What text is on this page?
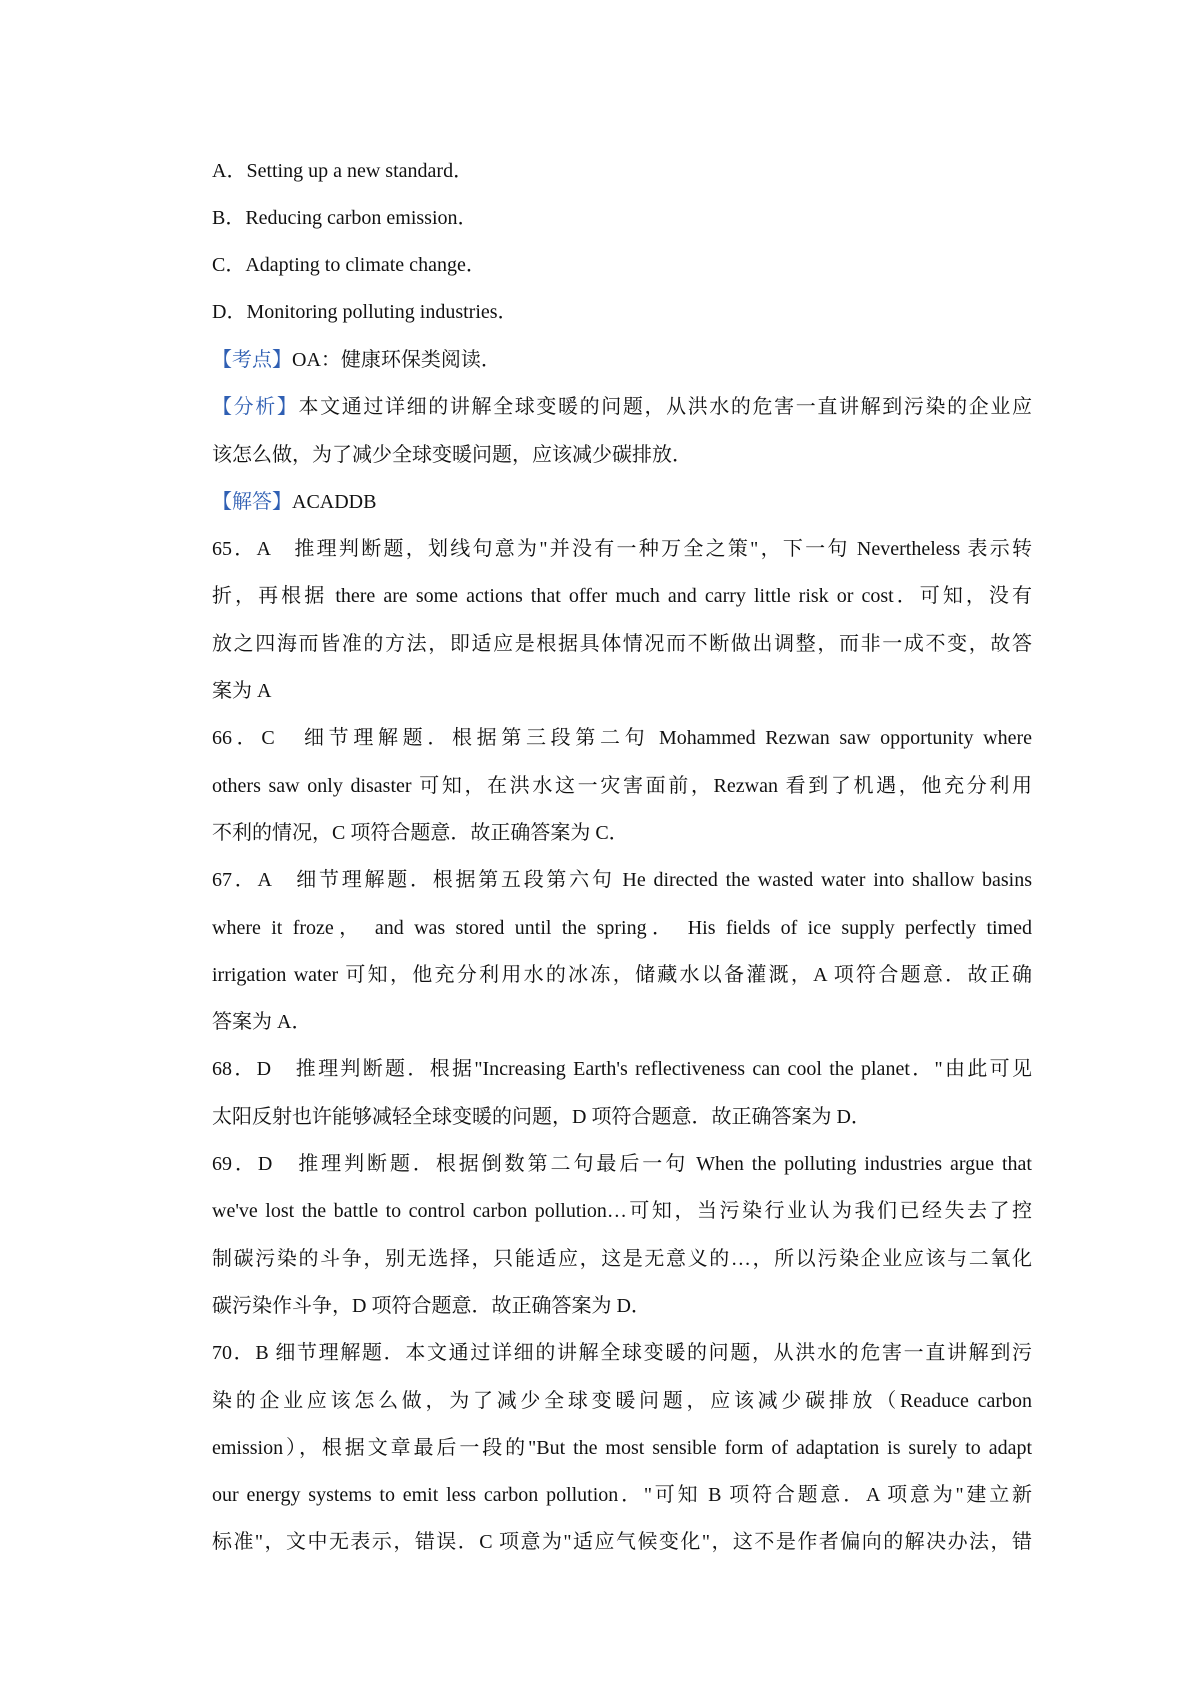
A．Setting up a new standard．
B．Reducing carbon emission．
C．Adapting to climate change．
D．Monitoring polluting industries．
【考点】OA：健康环保类阅读．
【分析】本文通过详细的讲解全球变暖的问题，从洪水的危害一直讲解到污染的企业应
该怎么做，为了减少全球变暖问题，应该减少碳排放．
【解答】ACADDB
65．A　推理判断题，划线句意为"并没有一种万全之策"，下一句 Nevertheless 表示转
折，再根据 there are some actions that offer much and carry little risk or cost．可知，没有
放之四海而皆准的方法，即适应是根据具体情况而不断做出调整，而非一成不变，故答
案为 A
66．C　细节理解题．根据第三段第二句 Mohammed Rezwan saw opportunity where
others saw only disaster 可知，在洪水这一灾害面前，Rezwan 看到了机遇，他充分利用
不利的情况，C 项符合题意．故正确答案为 C．
67．A　细节理解题．根据第五段第六句 He directed the wasted water into shallow basins
where it froze， and was stored until the spring． His fields of ice supply perfectly timed
irrigation water 可知，他充分利用水的冰冻，储藏水以备灌溉，A 项符合题意．故正确
答案为 A．
68．D　推理判断题．根据"Increasing Earth's reflectiveness can cool the planet．"由此可见
太阳反射也许能够减轻全球变暖的问题，D 项符合题意．故正确答案为 D．
69．D　推理判断题．根据倒数第二句最后一句 When the polluting industries argue that
we've lost the battle to control carbon pollution…可知，当污染行业认为我们已经失去了控
制碳污染的斗争，别无选择，只能适应，这是无意义的…，所以污染企业应该与二氧化
碳污染作斗争，D 项符合题意．故正确答案为 D．
70．B 细节理解题．本文通过详细的讲解全球变暖的问题，从洪水的危害一直讲解到污
染的企业应该怎么做，为了减少全球变暖问题，应该减少碳排放（Readuce carbon
emission），根据文章最后一段的"But the most sensible form of adaptation is surely to adapt
our energy systems to emit less carbon pollution．"可知 B 项符合题意．A 项意为"建立新
标准"，文中无表示，错误．C 项意为"适应气候变化"，这不是作者偏向的解决办法，错
